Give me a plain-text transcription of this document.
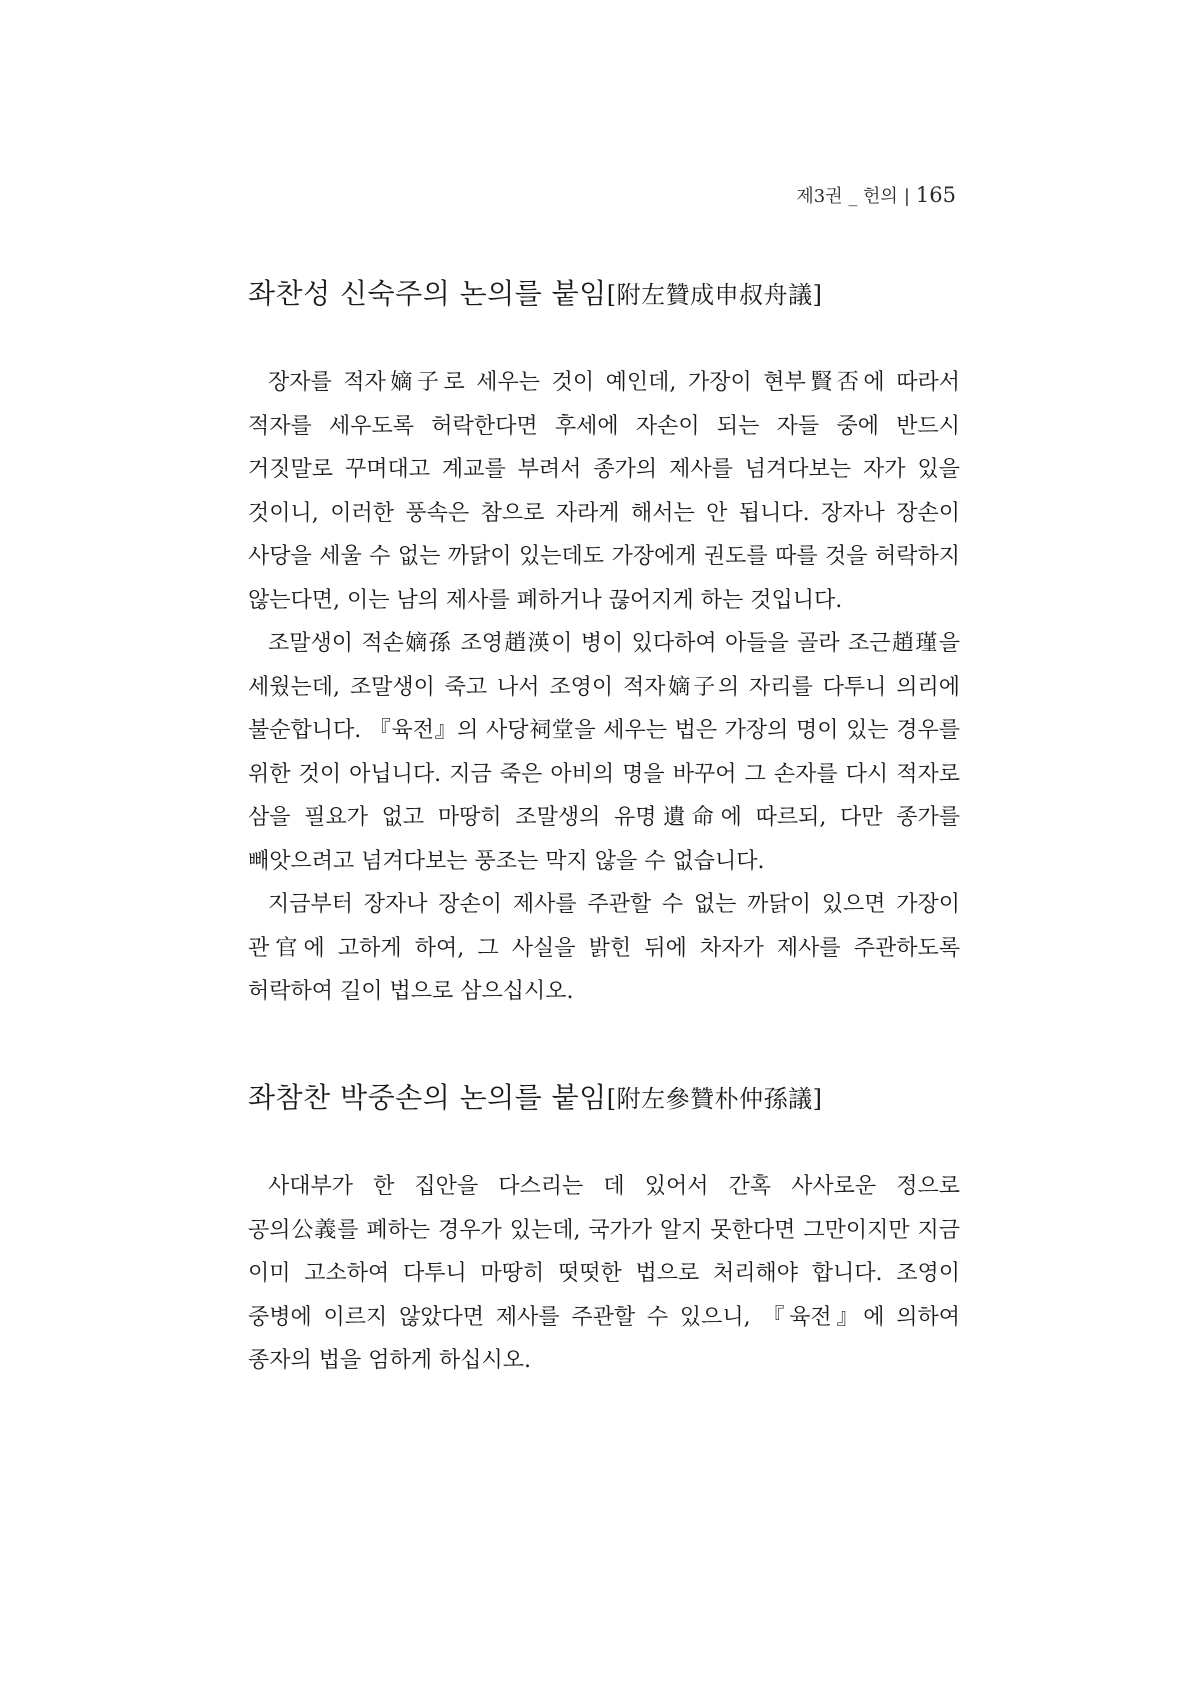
제3권 _ 헌의 | 165
좌찬성 신숙주의 논의를 붙임[附左贊成申叔舟議]

장자를 적자嫡子로 세우는 것이 예인데, 가장이 현부賢否에 따라서 적자를 세우도록 허락한다면 후세에 자손이 되는 자들 중에 반드시 거짓말로 꾸며대고 계교를 부려서 종가의 제사를 넘겨다보는 자가 있을 것이니, 이러한 풍속은 참으로 자라게 해서는 안 됩니다. 장자나 장손이 사당을 세울 수 없는 까닭이 있는데도 가장에게 권도를 따를 것을 허락하지 않는다면, 이는 남의 제사를 폐하거나 끊어지게 하는 것입니다.

조말생이 적손嫡孫 조영趙渶이 병이 있다하여 아들을 골라 조근趙瑾을 세웠는데, 조말생이 죽고 나서 조영이 적자嫡子의 자리를 다투니 의리에 불순합니다. 『육전』의 사당祠堂을 세우는 법은 가장의 명이 있는 경우를 위한 것이 아닙니다. 지금 죽은 아비의 명을 바꾸어 그 손자를 다시 적자로 삼을 필요가 없고 마땅히 조말생의 유명遺命에 따르되, 다만 종가를 빼앗으려고 넘겨다보는 풍조는 막지 않을 수 없습니다.

지금부터 장자나 장손이 제사를 주관할 수 없는 까닭이 있으면 가장이 관官에 고하게 하여, 그 사실을 밝힌 뒤에 차자가 제사를 주관하도록 허락하여 길이 법으로 삼으십시오.

좌참찬 박중손의 논의를 붙임[附左參贊朴仲孫議]

사대부가 한 집안을 다스리는 데 있어서 간혹 사사로운 정으로 공의公義를 폐하는 경우가 있는데, 국가가 알지 못한다면 그만이지만 지금 이미 고소하여 다투니 마땅히 떳떳한 법으로 처리해야 합니다. 조영이 중병에 이르지 않았다면 제사를 주관할 수 있으니, 『육전』에 의하여 종자의 법을 엄하게 하십시오.
